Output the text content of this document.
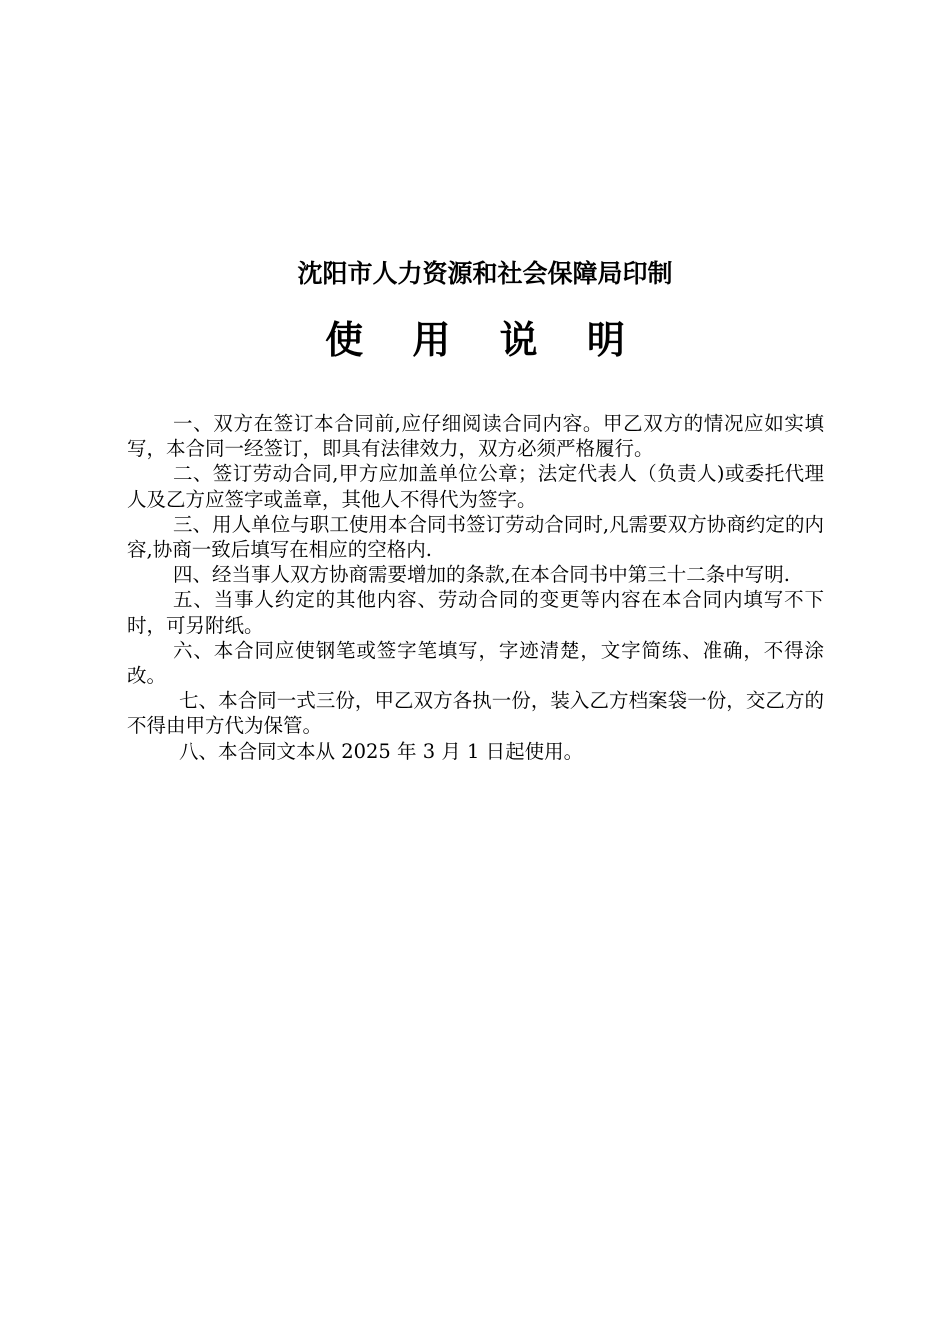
沈阳市人力资源和社会保障局印制
使 用 说 明

一、双方在签订本合同前,应仔细阅读合同内容。甲乙双方的情况应如实填写，本合同一经签订，即具有法律效力，双方必须严格履行。

二、签订劳动合同,甲方应加盖单位公章；法定代表人（负责人)或委托代理人及乙方应签字或盖章，其他人不得代为签字。

三、用人单位与职工使用本合同书签订劳动合同时,凡需要双方协商约定的内容,协商一致后填写在相应的空格内.

四、经当事人双方协商需要增加的条款,在本合同书中第三十二条中写明.

五、当事人约定的其他内容、劳动合同的变更等内容在本合同内填写不下时，可另附纸。

六、本合同应使钢笔或签字笔填写，字迹清楚，文字简练、准确，不得涂改。

七、本合同一式三份，甲乙双方各执一份，装入乙方档案袋一份，交乙方的不得由甲方代为保管。

八、本合同文本从 2025 年 3 月 1 日起使用。
